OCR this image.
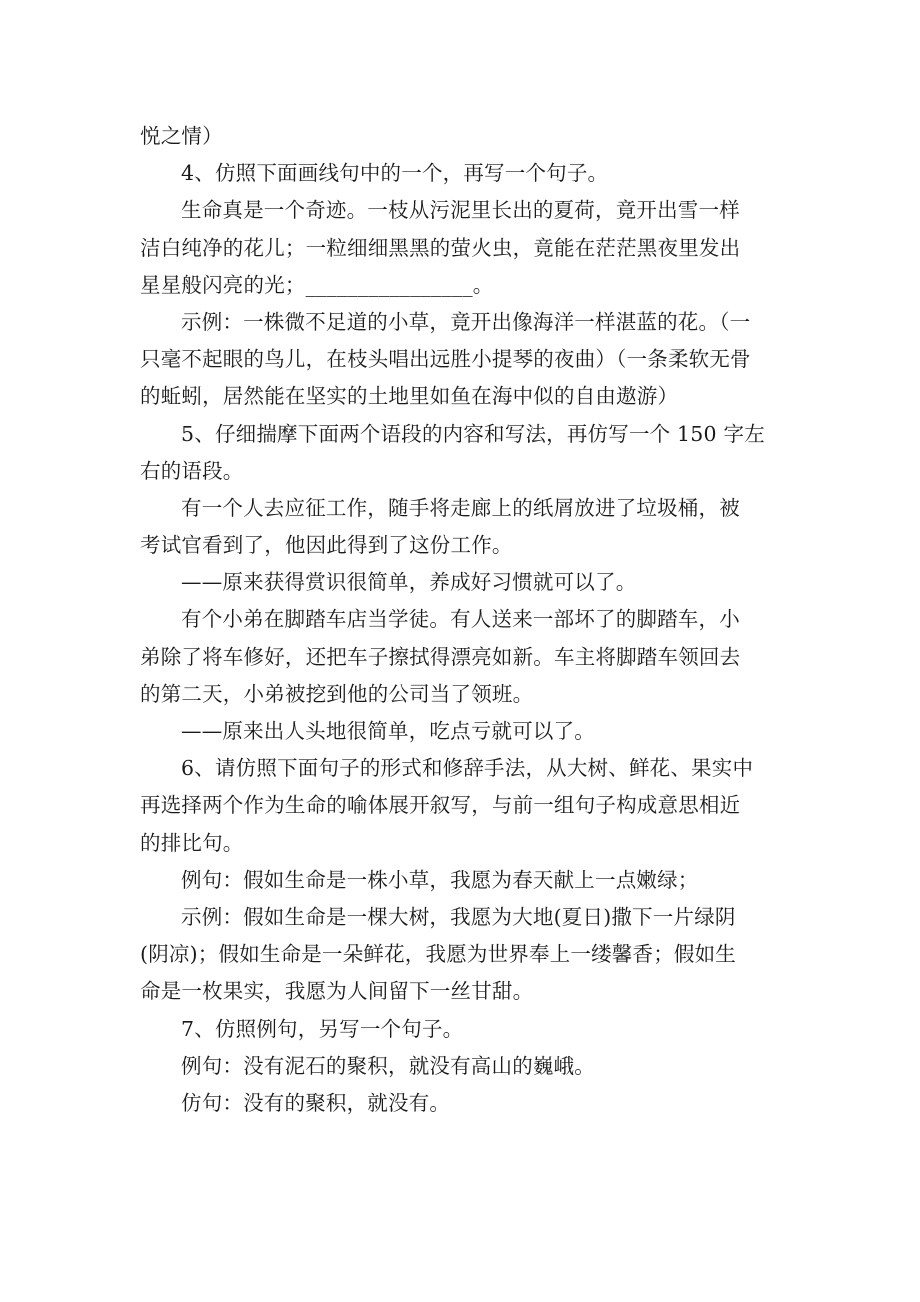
悦之情）
4、仿照下面画线句中的一个，再写一个句子。
生命真是一个奇迹。一枝从污泥里长出的夏荷，竟开出雪一样
洁白纯净的花儿；一粒细细黑黑的萤火虫，竟能在茫茫黑夜里发出
星星般闪亮的光；________________。
示例：一株微不足道的小草，竟开出像海洋一样湛蓝的花。（一
只毫不起眼的鸟儿，在枝头唱出远胜小提琴的夜曲）（一条柔软无骨
的蚯蚓，居然能在坚实的土地里如鱼在海中似的自由遨游）
5、仔细揣摩下面两个语段的内容和写法，再仿写一个 150 字左
右的语段。
有一个人去应征工作，随手将走廊上的纸屑放进了垃圾桶，被
考试官看到了，他因此得到了这份工作。
——原来获得赏识很简单，养成好习惯就可以了。
有个小弟在脚踏车店当学徒。有人送来一部坏了的脚踏车，小
弟除了将车修好，还把车子擦拭得漂亮如新。车主将脚踏车领回去
的第二天，小弟被挖到他的公司当了领班。
——原来出人头地很简单，吃点亏就可以了。
6、请仿照下面句子的形式和修辞手法，从大树、鲜花、果实中
再选择两个作为生命的喻体展开叙写，与前一组句子构成意思相近
的排比句。
例句：假如生命是一株小草，我愿为春天献上一点嫩绿；
示例：假如生命是一棵大树，我愿为大地(夏日)撒下一片绿阴
(阴凉)；假如生命是一朵鲜花，我愿为世界奉上一缕馨香；假如生
命是一枚果实，我愿为人间留下一丝甘甜。
7、仿照例句，另写一个句子。
例句：没有泥石的聚积，就没有高山的巍峨。
仿句：没有的聚积，就没有。
